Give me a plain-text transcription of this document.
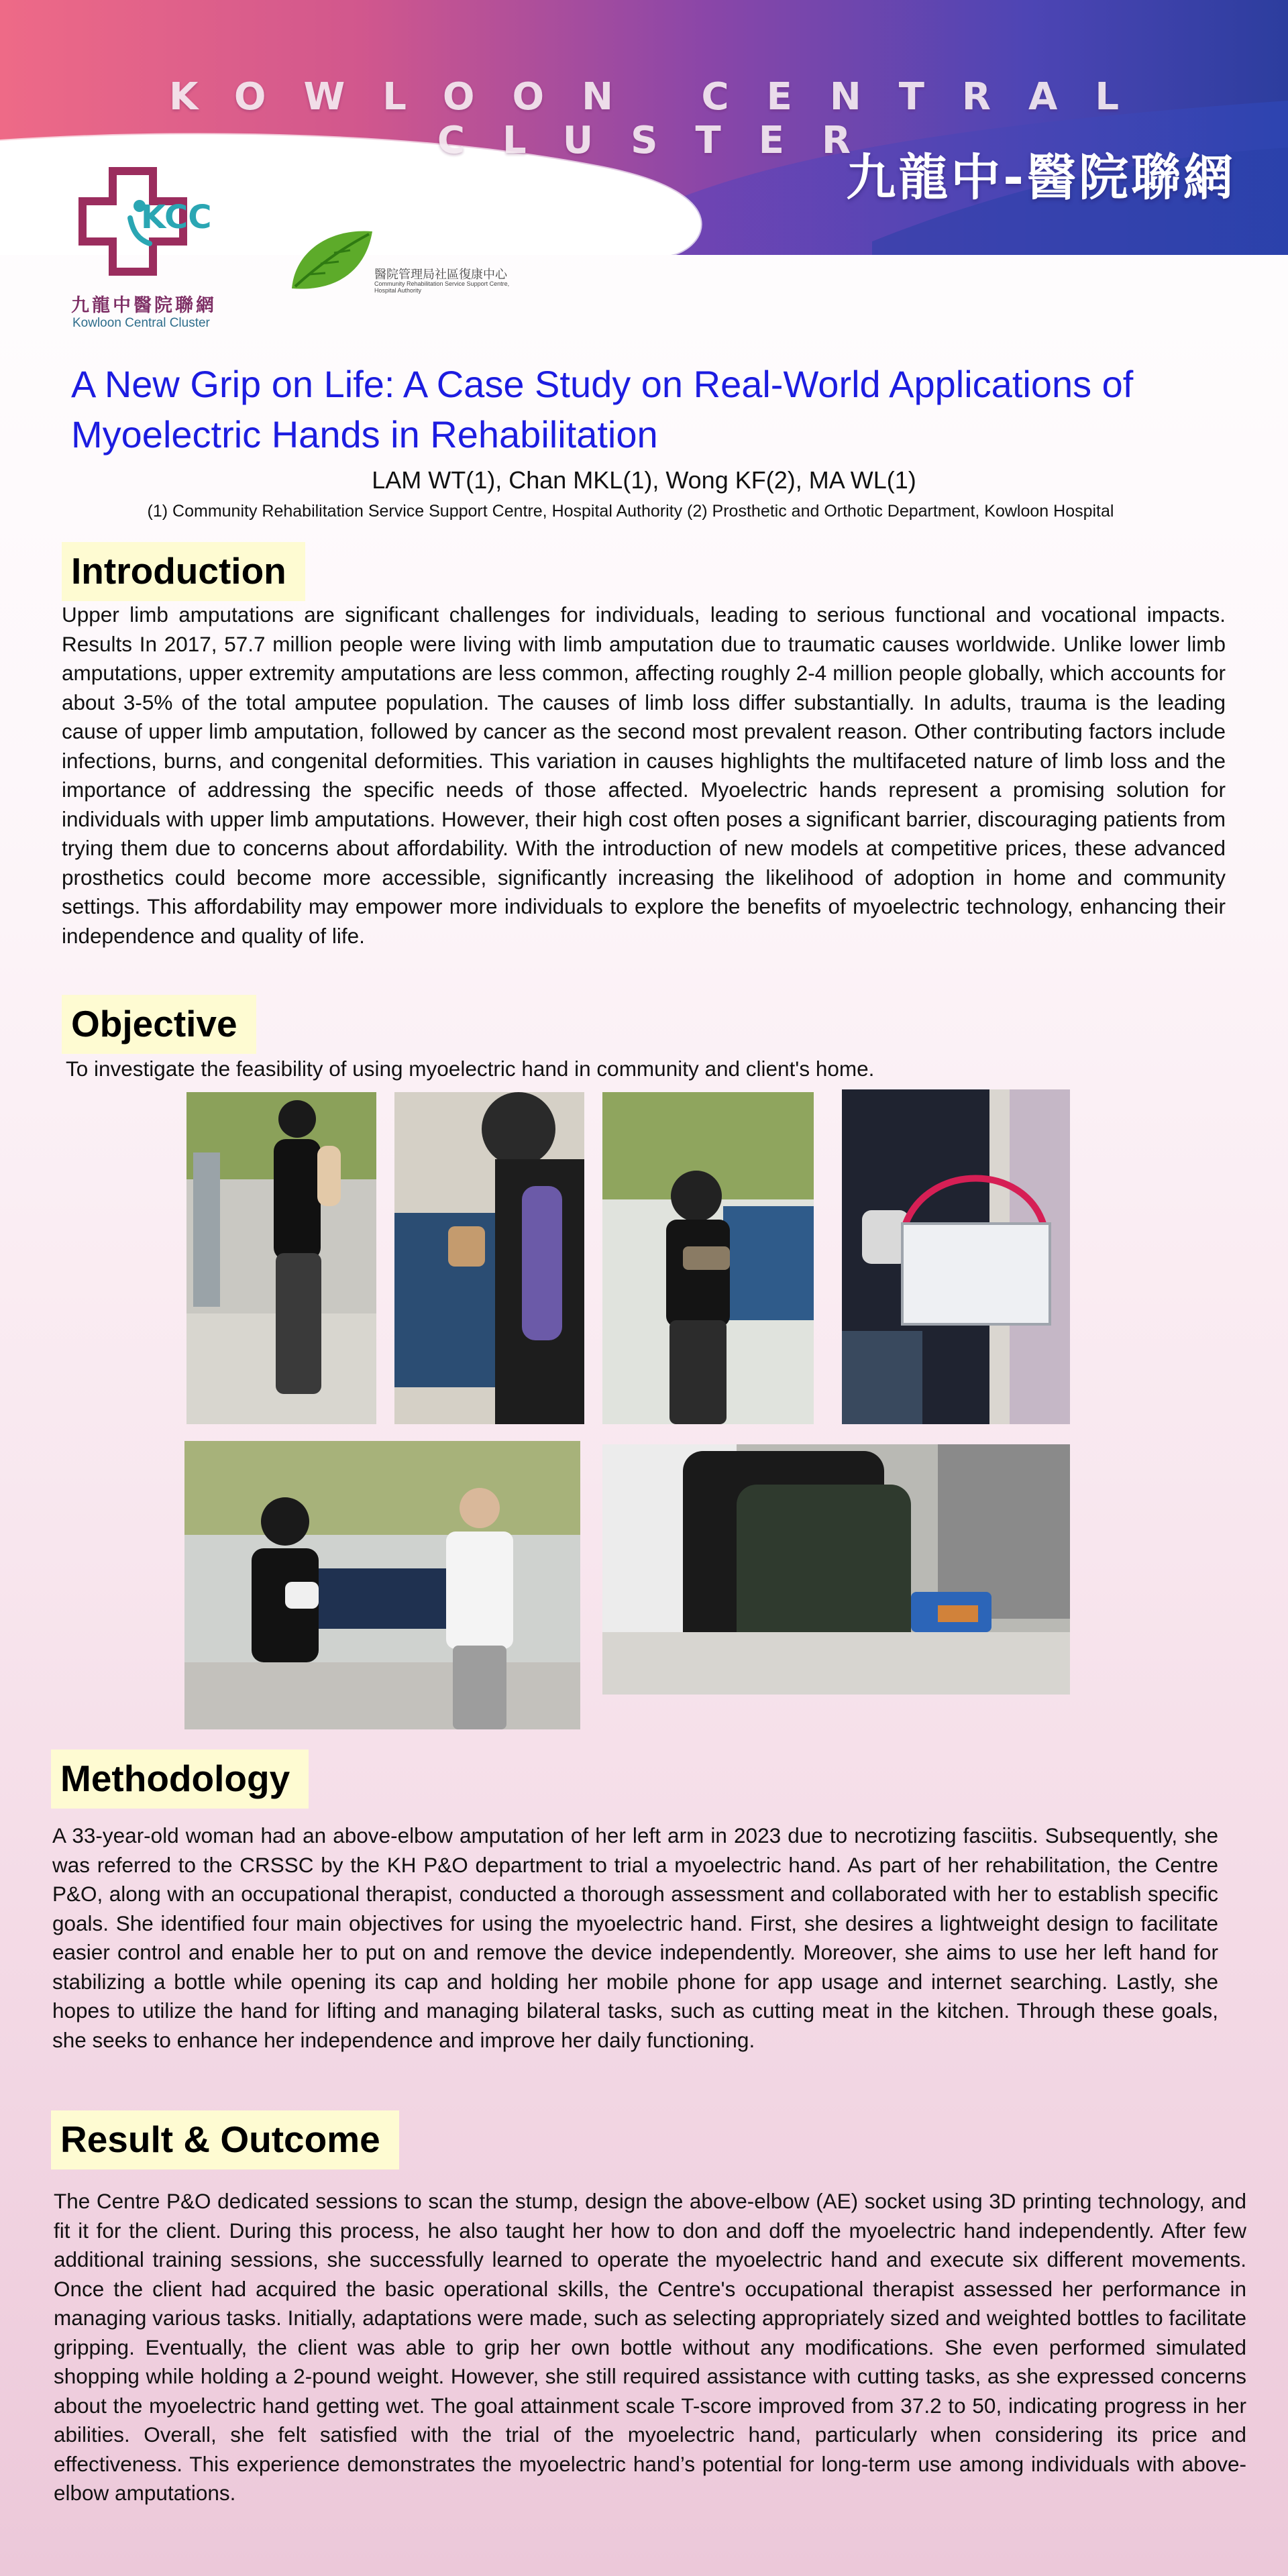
KOWLOON CENTRAL CLUSTER
九龍中-醫院聯網
KCC
九龍中醫院聯網
Kowloon Central Cluster
醫院管理局社區復康中心
Community Rehabilitation Service Support Centre, Hospital Authority
A New Grip on Life: A Case Study on Real-World Applications of
Myoelectric Hands in Rehabilitation
LAM WT(1), Chan MKL(1), Wong KF(2), MA WL(1)
(1) Community Rehabilitation Service Support Centre, Hospital Authority (2) Prosthetic and Orthotic Department, Kowloon Hospital
Introduction
Upper limb amputations are significant challenges for individuals, leading to serious functional and vocational impacts. Results In 2017, 57.7 million people were living with limb amputation due to traumatic causes worldwide. Unlike lower limb amputations, upper extremity amputations are less common, affecting roughly 2-4 million people globally, which accounts for about 3-5% of the total amputee population. The causes of limb loss differ substantially. In adults, trauma is the leading cause of upper limb amputation, followed by cancer as the second most prevalent reason. Other contributing factors include infections, burns, and congenital deformities. This variation in causes highlights the multifaceted nature of limb loss and the importance of addressing the specific needs of those affected. Myoelectric hands represent a promising solution for individuals with upper limb amputations. However, their high cost often poses a significant barrier, discouraging patients from trying them due to concerns about affordability. With the introduction of new models at competitive prices, these advanced prosthetics could become more accessible, significantly increasing the likelihood of adoption in home and community settings. This affordability may empower more individuals to explore the benefits of myoelectric technology, enhancing their independence and quality of life.
Objective
To investigate the feasibility of using myoelectric hand in community and client's home.
Methodology
A 33-year-old woman had an above-elbow amputation of her left arm in 2023 due to necrotizing fasciitis. Subsequently, she was referred to the CRSSC by the KH P&O department to trial a myoelectric hand. As part of her rehabilitation, the Centre P&O, along with an occupational therapist, conducted a thorough assessment and collaborated with her to establish specific goals. She identified four main objectives for using the myoelectric hand. First, she desires a lightweight design to facilitate easier control and enable her to put on and remove the device independently. Moreover, she aims to use her left hand for stabilizing a bottle while opening its cap and holding her mobile phone for app usage and internet searching. Lastly, she hopes to utilize the hand for lifting and managing bilateral tasks, such as cutting meat in the kitchen. Through these goals, she seeks to enhance her independence and improve her daily functioning.
Result & Outcome
The Centre P&O dedicated sessions to scan the stump, design the above-elbow (AE) socket using 3D printing technology, and fit it for the client. During this process, he also taught her how to don and doff the myoelectric hand independently. After few additional training sessions, she successfully learned to operate the myoelectric hand and execute six different movements. Once the client had acquired the basic operational skills, the Centre's occupational therapist assessed her performance in managing various tasks. Initially, adaptations were made, such as selecting appropriately sized and weighted bottles to facilitate gripping. Eventually, the client was able to grip her own bottle without any modifications. She even performed simulated shopping while holding a 2-pound weight. However, she still required assistance with cutting tasks, as she expressed concerns about the myoelectric hand getting wet. The goal attainment scale T-score improved from 37.2 to 50, indicating progress in her abilities. Overall, she felt satisfied with the trial of the myoelectric hand, particularly when considering its price and effectiveness. This experience demonstrates the myoelectric hand’s potential for long-term use among individuals with above-elbow amputations.
